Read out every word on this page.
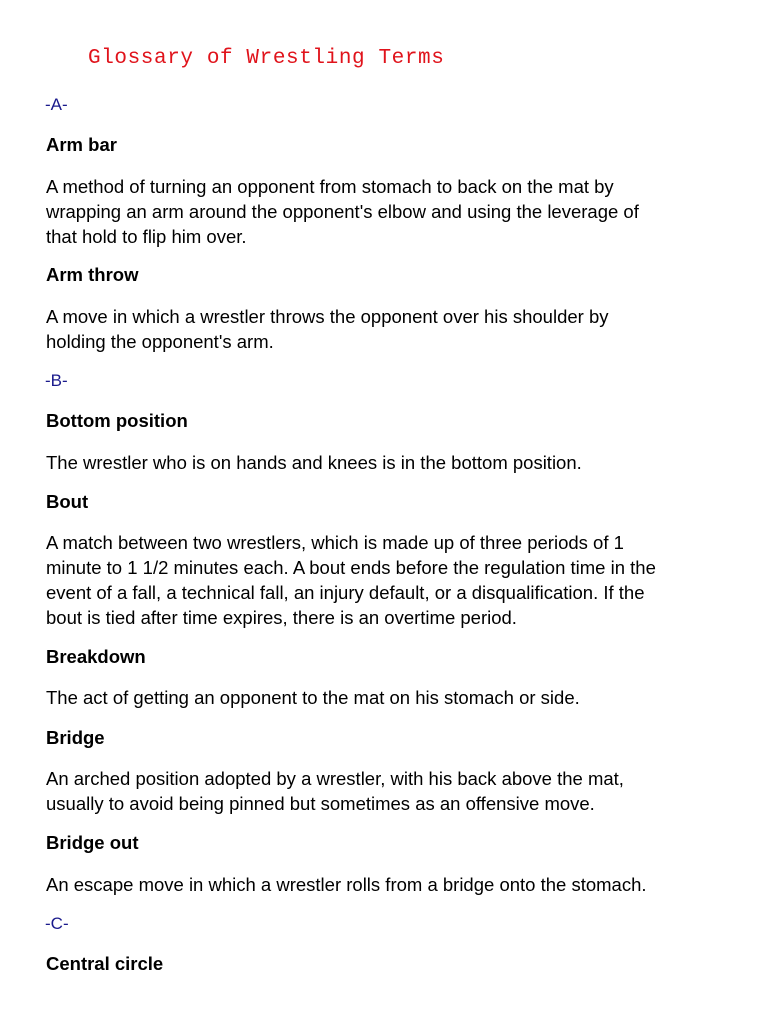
Glossary of Wrestling Terms
-A-
Arm bar
A method of turning an opponent from stomach to back on the mat by
wrapping an arm around the opponent's elbow and using the leverage of
that hold to flip him over.
Arm throw
A move in which a wrestler throws the opponent over his shoulder by
holding the opponent's arm.
-B-
Bottom position
The wrestler who is on hands and knees is in the bottom position.
Bout
A match between two wrestlers, which is made up of three periods of 1
minute to 1 1/2 minutes each. A bout ends before the regulation time in the
event of a fall, a technical fall, an injury default, or a disqualification. If the
bout is tied after time expires, there is an overtime period.
Breakdown
The act of getting an opponent to the mat on his stomach or side.
Bridge
An arched position adopted by a wrestler, with his back above the mat,
usually to avoid being pinned but sometimes as an offensive move.
Bridge out
An escape move in which a wrestler rolls from a bridge onto the stomach.
-C-
Central circle
